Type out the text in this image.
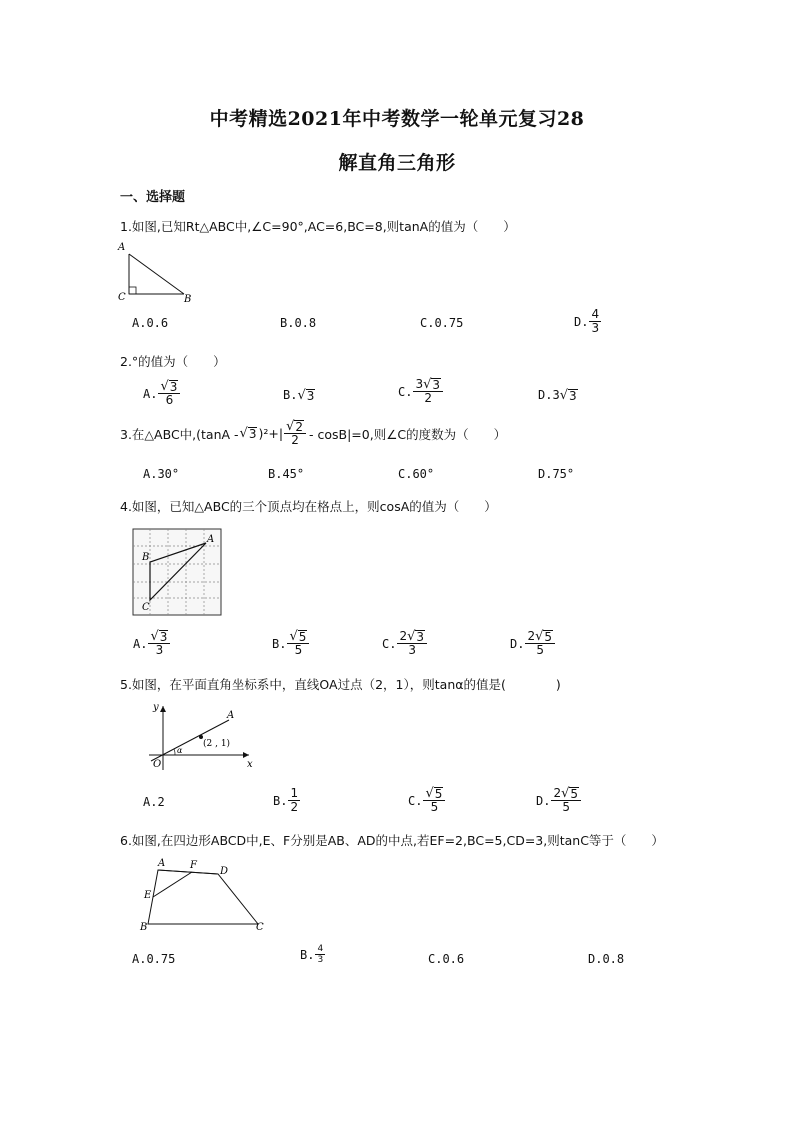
中考精选2021年中考数学一轮单元复习28
解直角三角形
一、选择题
1.如图,已知Rt△ABC中,∠C=90°,AC=6,BC=8,则tanA的值为（　　）
A
C	B
A.0.6	B.0.8	C.0.75	D. $\frac{4}{3}$
2.°的值为（　　）
A. $\frac{√ 3}{6}$	B. √ 3	C. $\frac{3 √ 3}{2}$	D.3 √ 3
3.在△ABC中,(tanA - √ 3 )$^2+| \frac{√ 2}{2} - \cos B|=0$,则∠C的度数为（　　）
A.30°	B.45°	C.60°	D.75°
4.如图，已知△ABC的三个顶点均在格点上，则cosA的值为（　　）
B
A
C
A. $\frac{√ 3}{3}$	B. $\frac{√ 5}{5}$	C. $\frac{2 √ 3}{3}$	D. $\frac{2 √ 5}{5}$
5.如图，在平面直角坐标系中，直线OA过点（2，1），则tanα的值是(　　　　)
y
x
O
A
α
(2 , 1)
A.2	B. $\frac{1}{2}$	C. $\frac{√ 5}{5}$	D. $\frac{2 √ 5}{5}$
6.如图,在四边形ABCD中,E、F分别是AB、AD的中点,若EF=2,BC=5,CD=3,则tanC等于（　　）
A F
D
E
B	C
A.0.75	B. $\frac{4}{3}$	C.0.6	D.0.8
